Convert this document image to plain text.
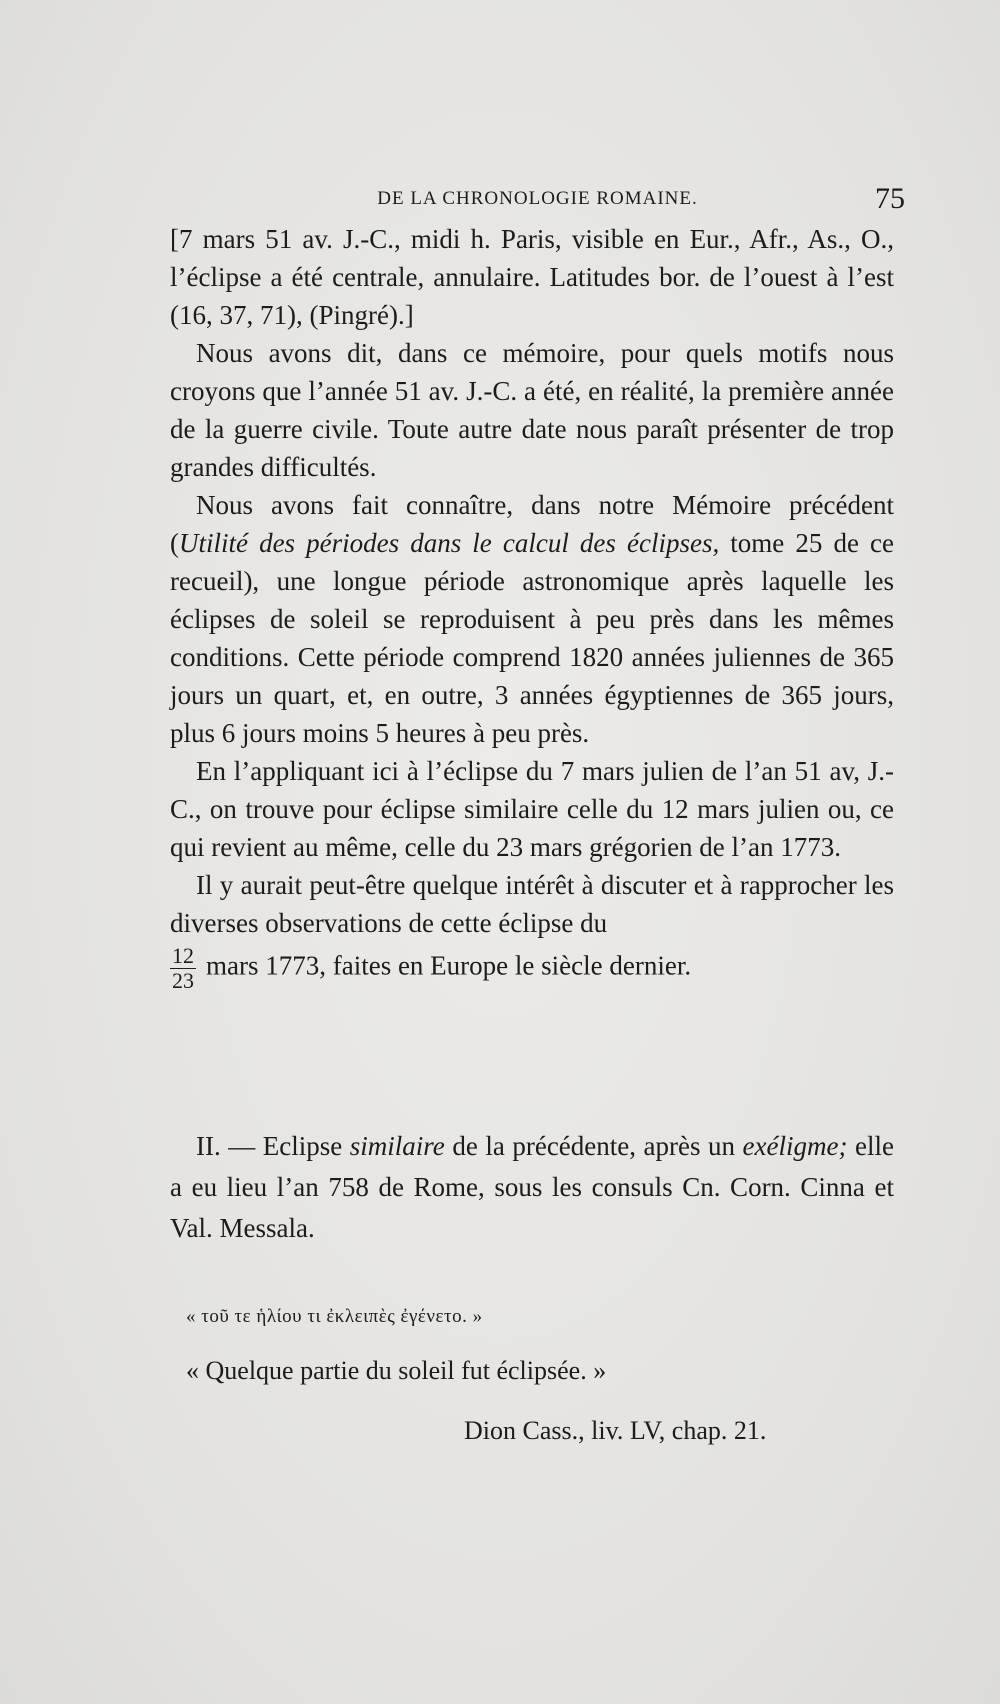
DE LA CHRONOLOGIE ROMAINE.	75

[7 mars 51 av. J.-C., midi h. Paris, visible en Eur., Afr., As., O., l’éclipse a été centrale, annulaire. Latitudes bor. de l’ouest à l’est (16, 37, 71), (Pingré).]

Nous avons dit, dans ce mémoire, pour quels motifs nous croyons que l’année 51 av. J.-C. a été, en réalité, la première année de la guerre civile. Toute autre date nous paraît présenter de trop grandes difficultés.

Nous avons fait connaître, dans notre Mémoire précédent (Utilité des périodes dans le calcul des éclipses, tome 25 de ce recueil), une longue période astronomique après laquelle les éclipses de soleil se reproduisent à peu près dans les mêmes conditions. Cette période comprend 1820 années juliennes de 365 jours un quart, et, en outre, 3 années égyptiennes de 365 jours, plus 6 jours moins 5 heures à peu près.

En l’appliquant ici à l’éclipse du 7 mars julien de l’an 51 av, J.-C., on trouve pour éclipse similaire celle du 12 mars julien ou, ce qui revient au même, celle du 23 mars grégorien de l’an 1773.

Il y aurait peut-être quelque intérêt à discuter et à rapprocher les diverses observations de cette éclipse du

$\frac{12}{23}$ mars 1773, faites en Europe le siècle dernier.

II. — Eclipse similaire de la précédente, après un exéligme; elle a eu lieu l’an 758 de Rome, sous les consuls Cn. Corn. Cinna et Val. Messala.

« τοῦ τε ἡλίου τι ἐκλειπὲς ἐγένετο. »
« Quelque partie du soleil fut éclipsée. »
Dion Cass., liv. LV, chap. 21.
